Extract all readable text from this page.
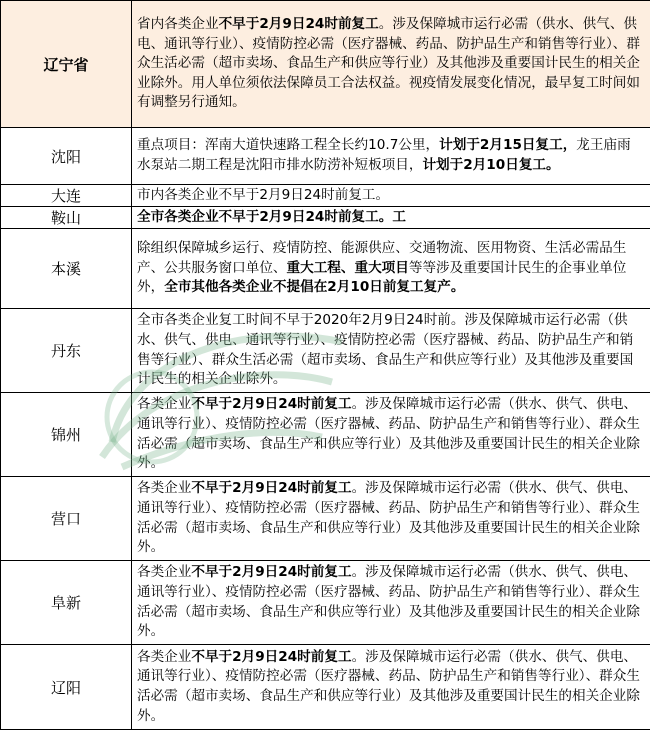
辽宁省	省内各类企业不早于2月9日24时前复工。涉及保障城市运行必需（供水、供气、供电、通讯等行业）、疫情防控必需（医疗器械、药品、防护品生产和销售等行业）、群众生活必需（超市卖场、食品生产和供应等行业）及其他涉及重要国计民生的相关企业除外。用人单位须依法保障员工合法权益。视疫情发展变化情况，最早复工时间如有调整另行通知。
沈阳	重点项目：浑南大道快速路工程全长约10.7公里，计划于2月15日复工，龙王庙雨水泵站二期工程是沈阳市排水防涝补短板项目，计划于2月10日复工。
大连	市内各类企业不早于2月9日24时前复工。
鞍山	全市各类企业不早于2月9日24时前复工。工
本溪	除组织保障城乡运行、疫情防控、能源供应、交通物流、医用物资、生活必需品生产、公共服务窗口单位、重大工程、重大项目等等涉及重要国计民生的企事业单位外，全市其他各类企业不提倡在2月10日前复工复产。
丹东	全市各类企业复工时间不早于2020年2月9日24时前。涉及保障城市运行必需（供水、供气、供电、通讯等行业）、疫情防控必需（医疗器械、药品、防护品生产和销售等行业）、群众生活必需（超市卖场、食品生产和供应等行业）及其他涉及重要国计民生的相关企业除外。
锦州	各类企业不早于2月9日24时前复工。涉及保障城市运行必需（供水、供气、供电、通讯等行业）、疫情防控必需（医疗器械、药品、防护品生产和销售等行业）、群众生活必需（超市卖场、食品生产和供应等行业）及其他涉及重要国计民生的相关企业除外。
营口	各类企业不早于2月9日24时前复工。涉及保障城市运行必需（供水、供气、供电、通讯等行业）、疫情防控必需（医疗器械、药品、防护品生产和销售等行业）、群众生活必需（超市卖场、食品生产和供应等行业）及其他涉及重要国计民生的相关企业除外。
阜新	各类企业不早于2月9日24时前复工。涉及保障城市运行必需（供水、供气、供电、通讯等行业）、疫情防控必需（医疗器械、药品、防护品生产和销售等行业）、群众生活必需（超市卖场、食品生产和供应等行业）及其他涉及重要国计民生的相关企业除外。
辽阳	各类企业不早于2月9日24时前复工。涉及保障城市运行必需（供水、供气、供电、通讯等行业）、疫情防控必需（医疗器械、药品、防护品生产和销售等行业）、群众生活必需（超市卖场、食品生产和供应等行业）及其他涉及重要国计民生的相关企业除外。
